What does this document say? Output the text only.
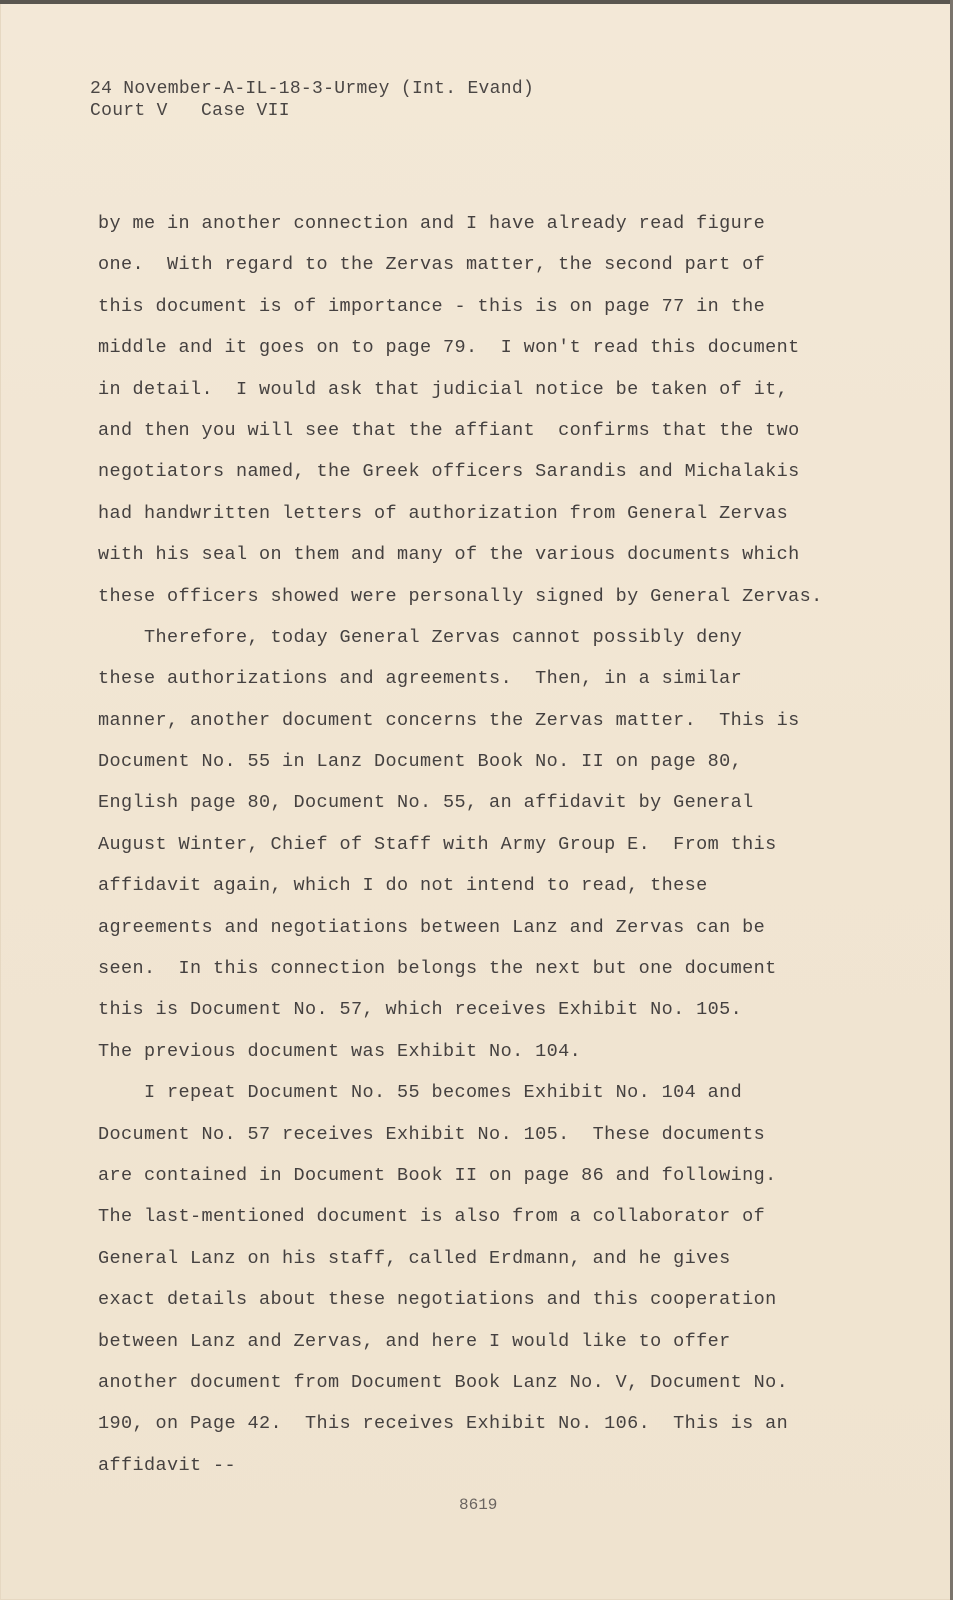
24 November-A-IL-18-3-Urmey (Int. Evand)
Court V   Case VII
by me in another connection and I have already read figure
one.  With regard to the Zervas matter, the second part of
this document is of importance - this is on page 77 in the
middle and it goes on to page 79.  I won't read this document
in detail.  I would ask that judicial notice be taken of it,
and then you will see that the affiant  confirms that the two
negotiators named, the Greek officers Sarandis and Michalakis
had handwritten letters of authorization from General Zervas
with his seal on them and many of the various documents which
these officers showed were personally signed by General Zervas.
Therefore, today General Zervas cannot possibly deny
these authorizations and agreements.  Then, in a similar
manner, another document concerns the Zervas matter.  This is
Document No. 55 in Lanz Document Book No. II on page 80,
English page 80, Document No. 55, an affidavit by General
August Winter, Chief of Staff with Army Group E.  From this
affidavit again, which I do not intend to read, these
agreements and negotiations between Lanz and Zervas can be
seen.  In this connection belongs the next but one document
this is Document No. 57, which receives Exhibit No. 105.
The previous document was Exhibit No. 104.
I repeat Document No. 55 becomes Exhibit No. 104 and
Document No. 57 receives Exhibit No. 105.  These documents
are contained in Document Book II on page 86 and following.
The last-mentioned document is also from a collaborator of
General Lanz on his staff, called Erdmann, and he gives
exact details about these negotiations and this cooperation
between Lanz and Zervas, and here I would like to offer
another document from Document Book Lanz No. V, Document No.
190, on Page 42.  This receives Exhibit No. 106.  This is an
affidavit --
8619
